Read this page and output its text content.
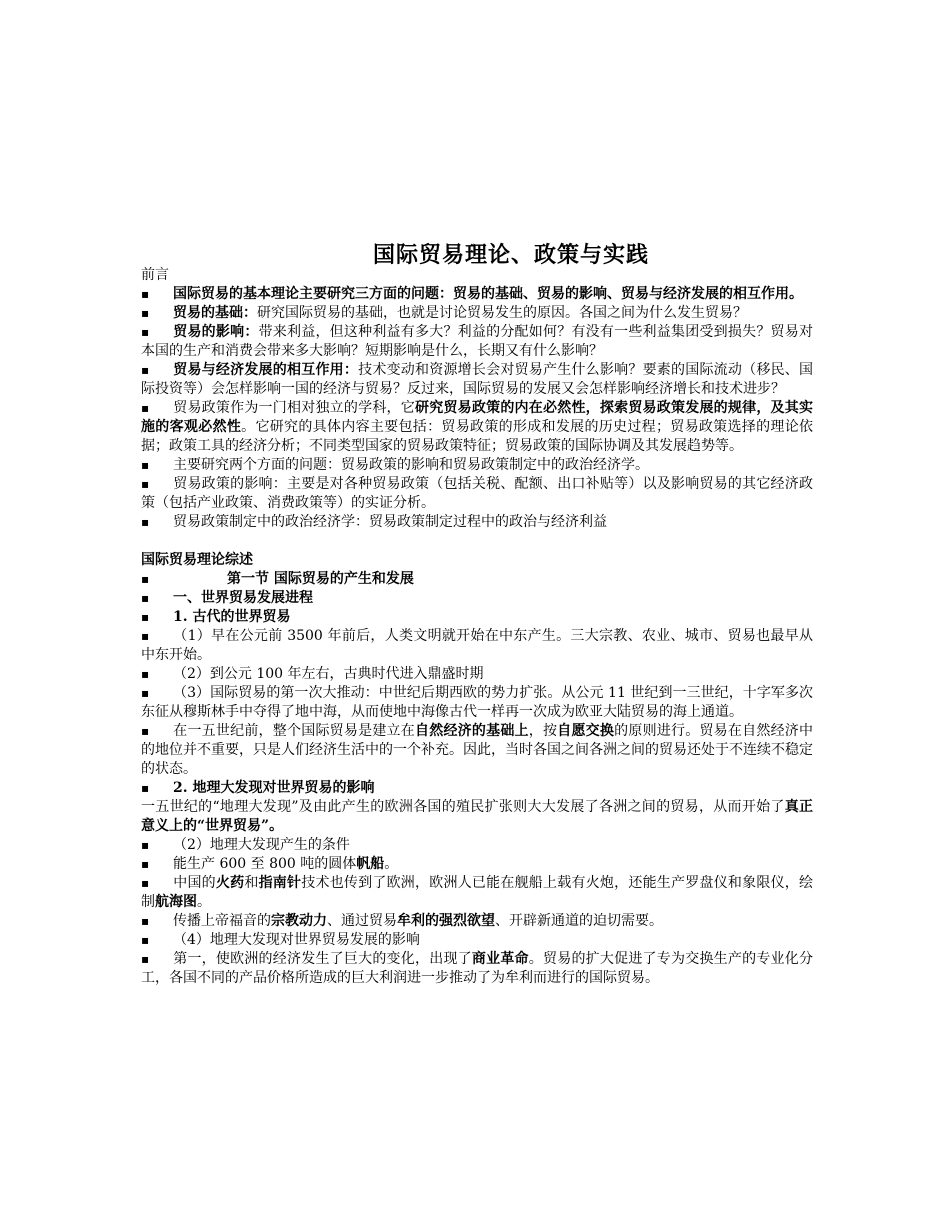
国际贸易理论、政策与实践

前言

▪国际贸易的基本理论主要研究三方面的问题：贸易的基础、贸易的影响、贸易与经济发展的相互作用。

▪贸易的基础：研究国际贸易的基础，也就是讨论贸易发生的原因。各国之间为什么发生贸易？

▪贸易的影响：带来利益，但这种利益有多大？利益的分配如何？有没有一些利益集团受到损失？贸易对本国的生产和消费会带来多大影响？短期影响是什么，长期又有什么影响？

▪贸易与经济发展的相互作用：技术变动和资源增长会对贸易产生什么影响？要素的国际流动（移民、国际投资等）会怎样影响一国的经济与贸易？反过来，国际贸易的发展又会怎样影响经济增长和技术进步？

▪贸易政策作为一门相对独立的学科，它研究贸易政策的内在必然性，探索贸易政策发展的规律，及其实施的客观必然性。它研究的具体内容主要包括：贸易政策的形成和发展的历史过程；贸易政策选择的理论依据；政策工具的经济分析；不同类型国家的贸易政策特征；贸易政策的国际协调及其发展趋势等。

▪主要研究两个方面的问题：贸易政策的影响和贸易政策制定中的政治经济学。

▪贸易政策的影响：主要是对各种贸易政策（包括关税、配额、出口补贴等）以及影响贸易的其它经济政策（包括产业政策、消费政策等）的实证分析。

▪贸易政策制定中的政治经济学：贸易政策制定过程中的政治与经济利益

国际贸易理论综述

▪第一节 国际贸易的产生和发展

▪一、世界贸易发展进程

▪1. 古代的世界贸易

▪（1）早在公元前 3500 年前后，人类文明就开始在中东产生。三大宗教、农业、城市、贸易也最早从中东开始。

▪（2）到公元 100 年左右，古典时代进入鼎盛时期

▪（3）国际贸易的第一次大推动：中世纪后期西欧的势力扩张。从公元 11 世纪到一三世纪，十字军多次东征从穆斯林手中夺得了地中海，从而使地中海像古代一样再一次成为欧亚大陆贸易的海上通道。

▪在一五世纪前，整个国际贸易是建立在自然经济的基础上，按自愿交换的原则进行。贸易在自然经济中的地位并不重要，只是人们经济生活中的一个补充。因此，当时各国之间各洲之间的贸易还处于不连续不稳定的状态。

▪2. 地理大发现对世界贸易的影响

一五世纪的“地理大发现”及由此产生的欧洲各国的殖民扩张则大大发展了各洲之间的贸易，从而开始了真正意义上的“世界贸易”。

▪（2）地理大发现产生的条件

▪能生产 600 至 800 吨的圆体帆船。

▪中国的火药和指南针技术也传到了欧洲，欧洲人已能在舰船上载有火炮，还能生产罗盘仪和象限仪，绘制航海图。

▪传播上帝福音的宗教动力、通过贸易牟利的强烈欲望、开辟新通道的迫切需要。

▪（4）地理大发现对世界贸易发展的影响

▪第一，使欧洲的经济发生了巨大的变化，出现了商业革命。贸易的扩大促进了专为交换生产的专业化分工，各国不同的产品价格所造成的巨大利润进一步推动了为牟利而进行的国际贸易。
